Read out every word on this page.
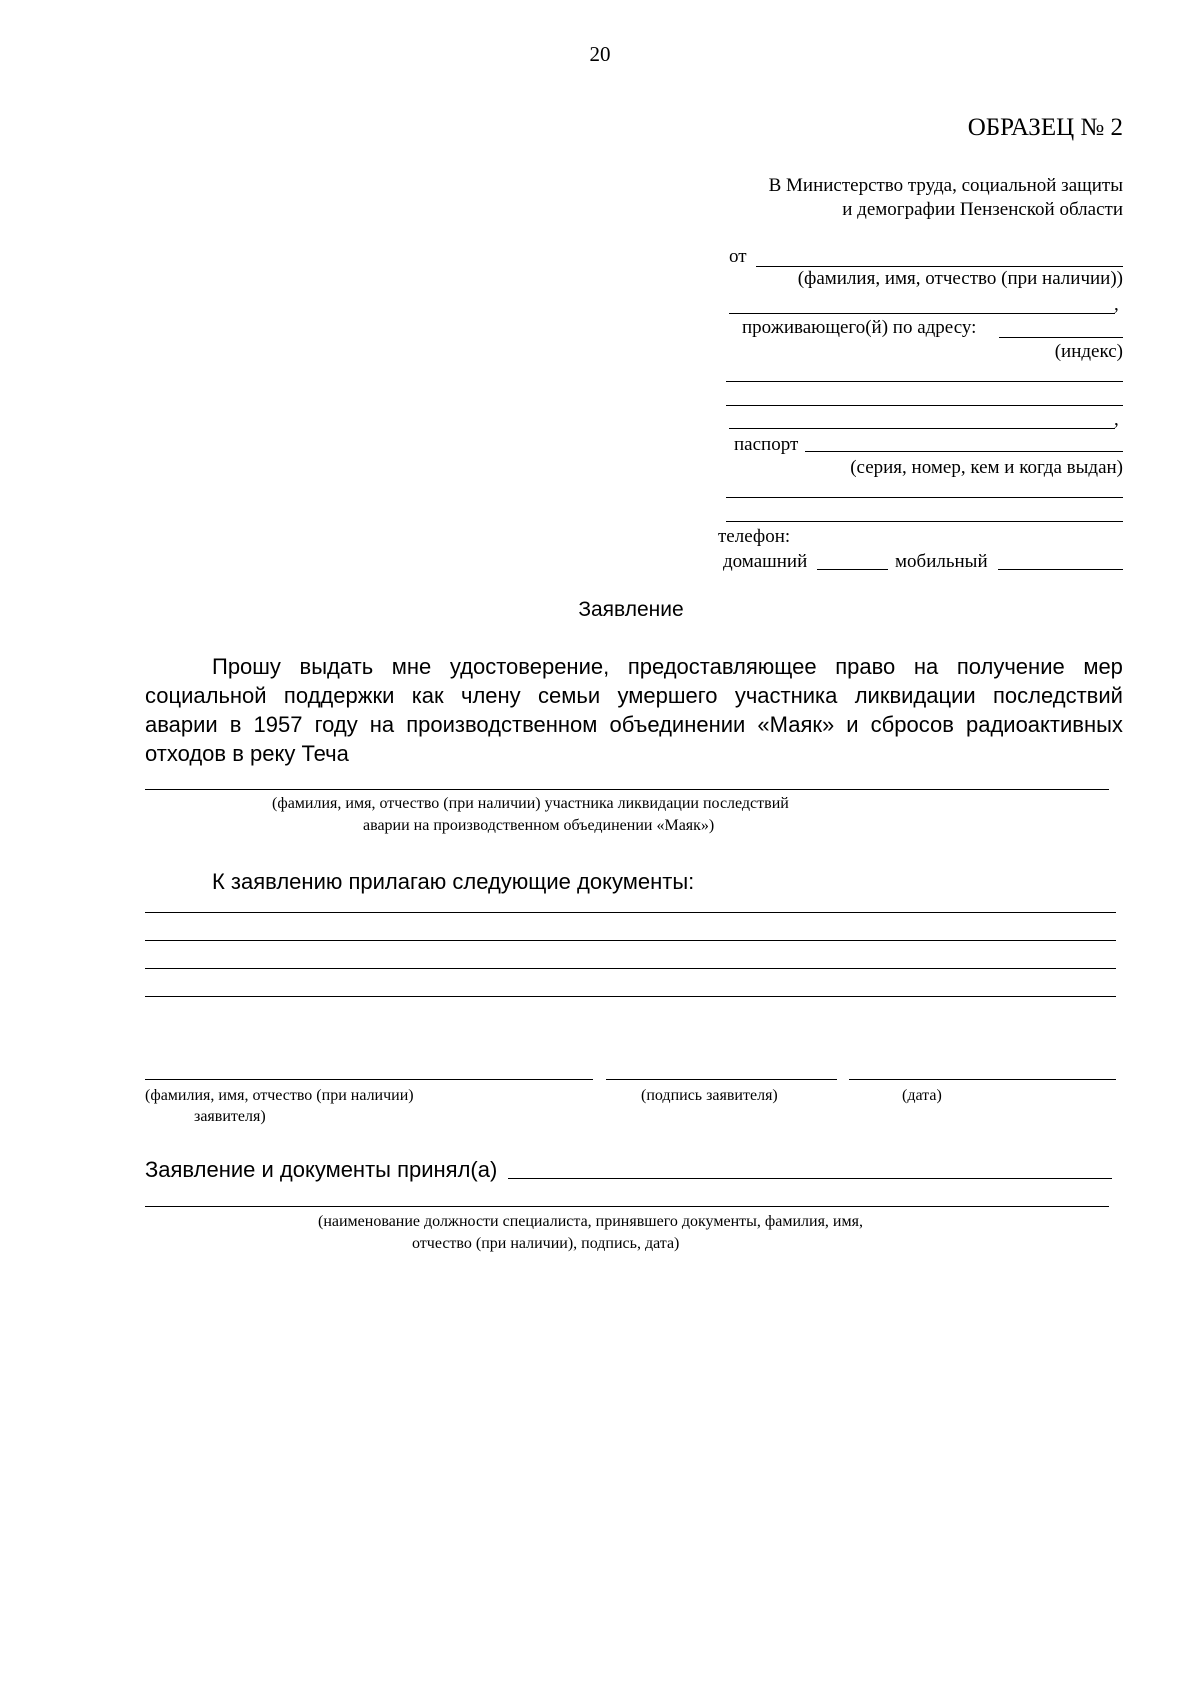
20
ОБРАЗЕЦ № 2
В Министерство труда, социальной защиты
и демографии Пензенской области
от
(фамилия, имя, отчество (при наличии))
,
проживающего(й) по адресу:
(индекс)
,
паспорт
(серия, номер, кем и когда выдан)
телефон:
домашний	мобильный
Заявление
Прошу выдать мне удостоверение, предоставляющее право на получение мер
социальной поддержки как члену семьи умершего участника ликвидации последствий
аварии в 1957 году на производственном объединении «Маяк» и сбросов радиоактивных
отходов в реку Теча
(фамилия, имя, отчество (при наличии) участника ликвидации последствий
аварии на производственном объединении «Маяк»)
К заявлению прилагаю следующие документы:
(фамилия, имя, отчество (при наличии)
заявителя)
(подпись заявителя)	(дата)
Заявление и документы принял(а)
(наименование должности специалиста, принявшего документы, фамилия, имя,
отчество (при наличии), подпись, дата)
